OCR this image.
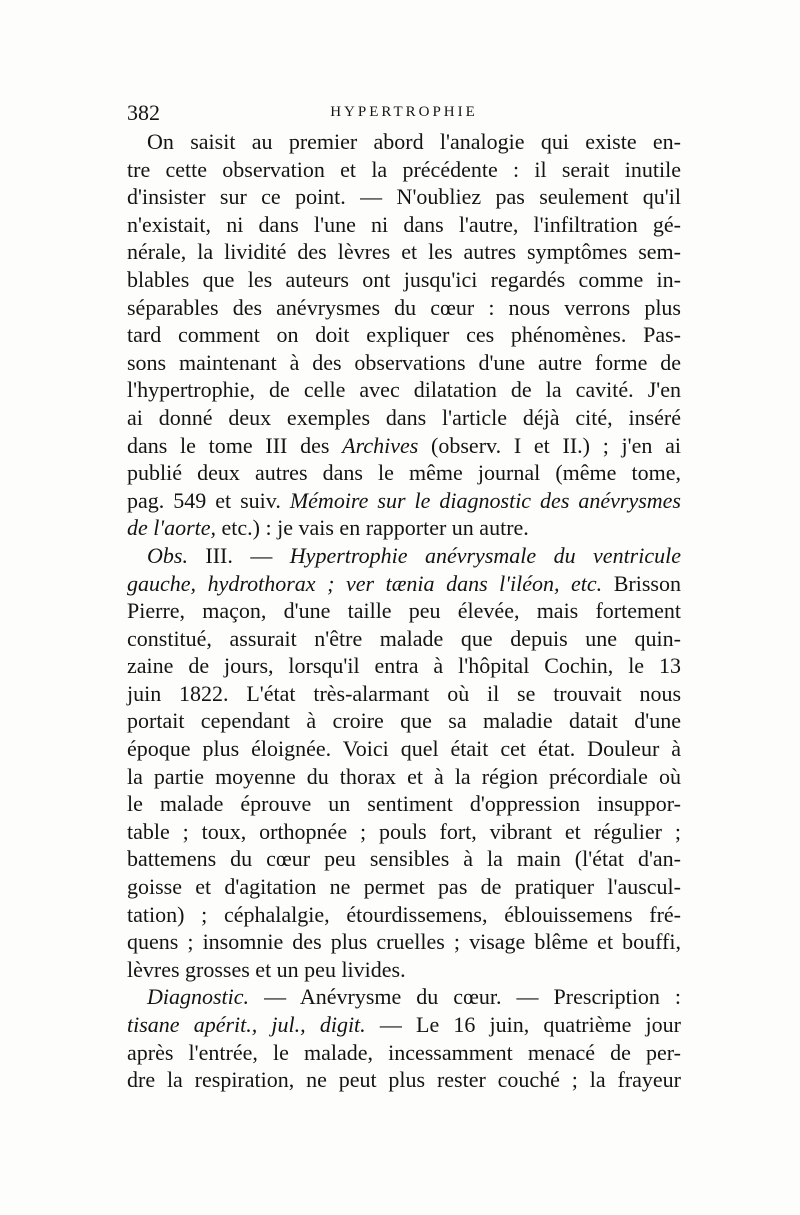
382	HYPERTROPHIE
On saisit au premier abord l'analogie qui existe en-
tre cette observation et la précédente : il serait inutile
d'insister sur ce point. — N'oubliez pas seulement qu'il
n'existait, ni dans l'une ni dans l'autre, l'infiltration gé-
nérale, la lividité des lèvres et les autres symptômes sem-
blables que les auteurs ont jusqu'ici regardés comme in-
séparables des anévrysmes du cœur : nous verrons plus
tard comment on doit expliquer ces phénomènes. Pas-
sons maintenant à des observations d'une autre forme de
l'hypertrophie, de celle avec dilatation de la cavité. J'en
ai donné deux exemples dans l'article déjà cité, inséré
dans le tome III des Archives (observ. I et II.) ; j'en ai
publié deux autres dans le même journal (même tome,
pag. 549 et suiv. Mémoire sur le diagnostic des anévrysmes
de l'aorte, etc.) : je vais en rapporter un autre.
Obs. III. — Hypertrophie anévrysmale du ventricule
gauche, hydrothorax ; ver tænia dans l'iléon, etc. Brisson
Pierre, maçon, d'une taille peu élevée, mais fortement
constitué, assurait n'être malade que depuis une quin-
zaine de jours, lorsqu'il entra à l'hôpital Cochin, le 13
juin 1822. L'état très-alarmant où il se trouvait nous
portait cependant à croire que sa maladie datait d'une
époque plus éloignée. Voici quel était cet état. Douleur à
la partie moyenne du thorax et à la région précordiale où
le malade éprouve un sentiment d'oppression insuppor-
table ; toux, orthopnée ; pouls fort, vibrant et régulier ;
battemens du cœur peu sensibles à la main (l'état d'an-
goisse et d'agitation ne permet pas de pratiquer l'auscul-
tation) ; céphalalgie, étourdissemens, éblouissemens fré-
quens ; insomnie des plus cruelles ; visage blême et bouffi,
lèvres grosses et un peu livides.
Diagnostic. — Anévrysme du cœur. — Prescription :
tisane apérit., jul., digit. — Le 16 juin, quatrième jour
après l'entrée, le malade, incessamment menacé de per-
dre la respiration, ne peut plus rester couché ; la frayeur
